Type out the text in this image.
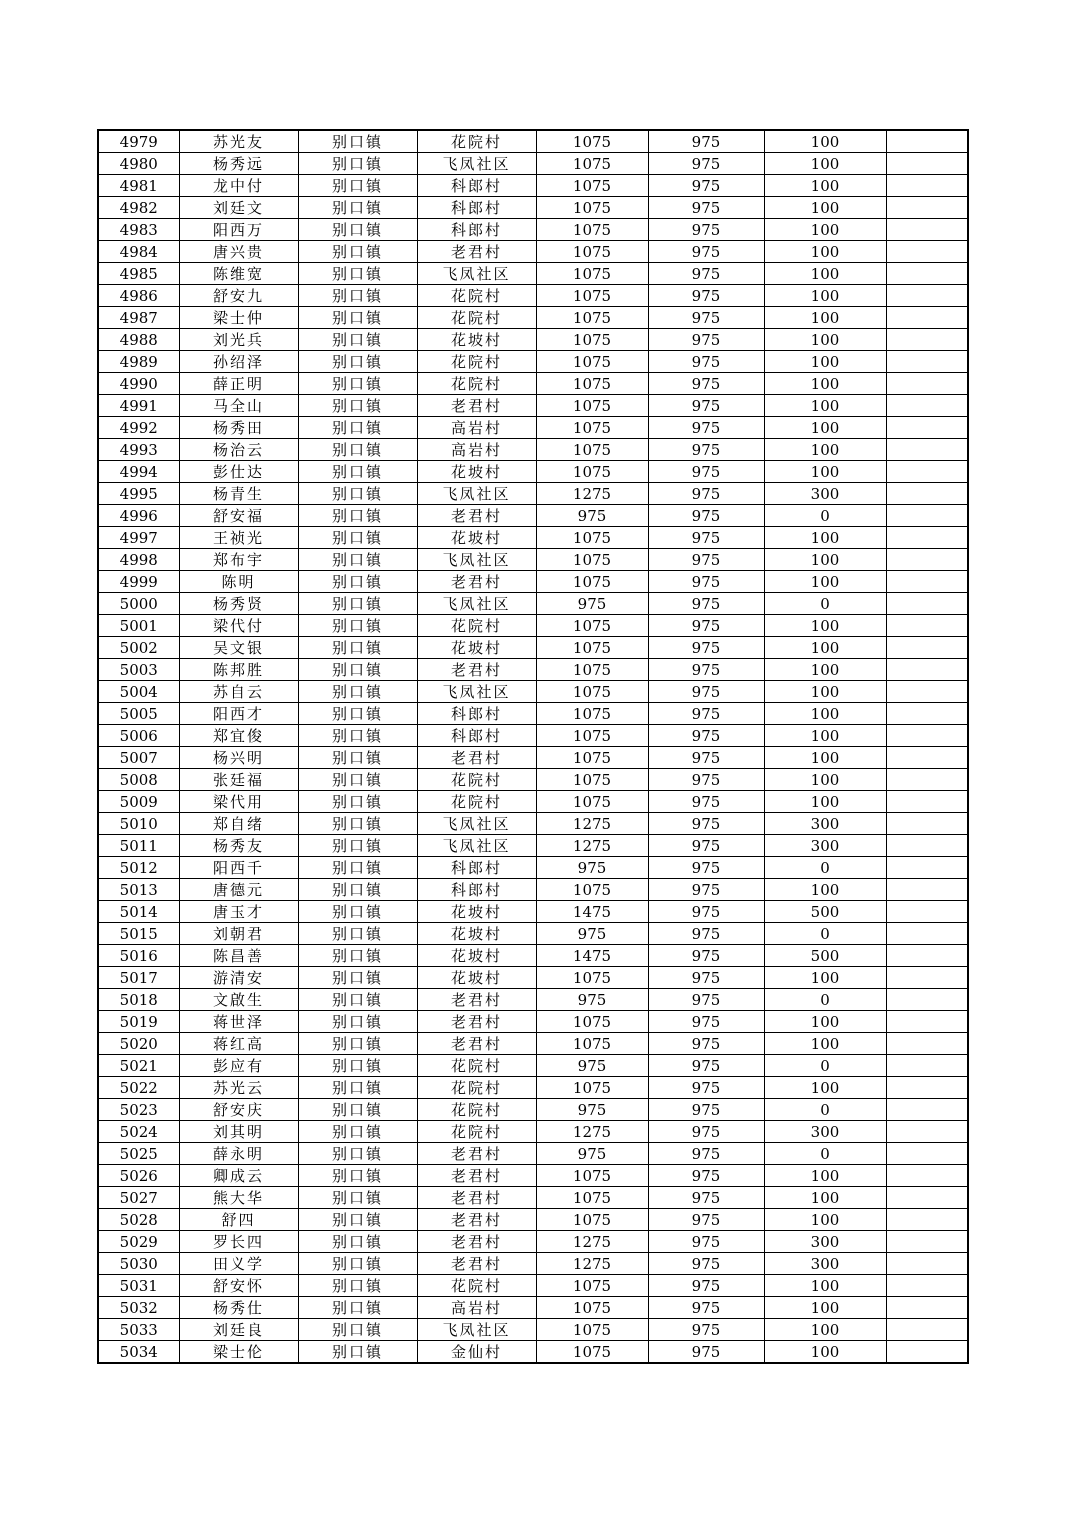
4979	苏光友	别口镇	花院村	1075	975	100	
4980	杨秀远	别口镇	飞凤社区	1075	975	100	
4981	龙中付	别口镇	科郎村	1075	975	100	
4982	刘廷文	别口镇	科郎村	1075	975	100	
4983	阳西万	别口镇	科郎村	1075	975	100	
4984	唐兴贵	别口镇	老君村	1075	975	100	
4985	陈维宽	别口镇	飞凤社区	1075	975	100	
4986	舒安九	别口镇	花院村	1075	975	100	
4987	梁士仲	别口镇	花院村	1075	975	100	
4988	刘光兵	别口镇	花坡村	1075	975	100	
4989	孙绍泽	别口镇	花院村	1075	975	100	
4990	薛正明	别口镇	花院村	1075	975	100	
4991	马全山	别口镇	老君村	1075	975	100	
4992	杨秀田	别口镇	高岩村	1075	975	100	
4993	杨治云	别口镇	高岩村	1075	975	100	
4994	彭仕达	别口镇	花坡村	1075	975	100	
4995	杨青生	别口镇	飞凤社区	1275	975	300	
4996	舒安福	别口镇	老君村	975	975	0	
4997	王祯光	别口镇	花坡村	1075	975	100	
4998	郑布宇	别口镇	飞凤社区	1075	975	100	
4999	陈明	别口镇	老君村	1075	975	100	
5000	杨秀贤	别口镇	飞凤社区	975	975	0	
5001	梁代付	别口镇	花院村	1075	975	100	
5002	吴文银	别口镇	花坡村	1075	975	100	
5003	陈邦胜	别口镇	老君村	1075	975	100	
5004	苏自云	别口镇	飞凤社区	1075	975	100	
5005	阳西才	别口镇	科郎村	1075	975	100	
5006	郑宜俊	别口镇	科郎村	1075	975	100	
5007	杨兴明	别口镇	老君村	1075	975	100	
5008	张廷福	别口镇	花院村	1075	975	100	
5009	梁代用	别口镇	花院村	1075	975	100	
5010	郑自绪	别口镇	飞凤社区	1275	975	300	
5011	杨秀友	别口镇	飞凤社区	1275	975	300	
5012	阳西千	别口镇	科郎村	975	975	0	
5013	唐德元	别口镇	科郎村	1075	975	100	
5014	唐玉才	别口镇	花坡村	1475	975	500	
5015	刘朝君	别口镇	花坡村	975	975	0	
5016	陈昌善	别口镇	花坡村	1475	975	500	
5017	游清安	别口镇	花坡村	1075	975	100	
5018	文啟生	别口镇	老君村	975	975	0	
5019	蒋世泽	别口镇	老君村	1075	975	100	
5020	蒋红高	别口镇	老君村	1075	975	100	
5021	彭应有	别口镇	花院村	975	975	0	
5022	苏光云	别口镇	花院村	1075	975	100	
5023	舒安庆	别口镇	花院村	975	975	0	
5024	刘其明	别口镇	花院村	1275	975	300	
5025	薛永明	别口镇	老君村	975	975	0	
5026	卿成云	别口镇	老君村	1075	975	100	
5027	熊大华	别口镇	老君村	1075	975	100	
5028	舒四	别口镇	老君村	1075	975	100	
5029	罗长四	别口镇	老君村	1275	975	300	
5030	田义学	别口镇	老君村	1275	975	300	
5031	舒安怀	别口镇	花院村	1075	975	100	
5032	杨秀仕	别口镇	高岩村	1075	975	100	
5033	刘廷良	别口镇	飞凤社区	1075	975	100	
5034	梁士伦	别口镇	金仙村	1075	975	100	
